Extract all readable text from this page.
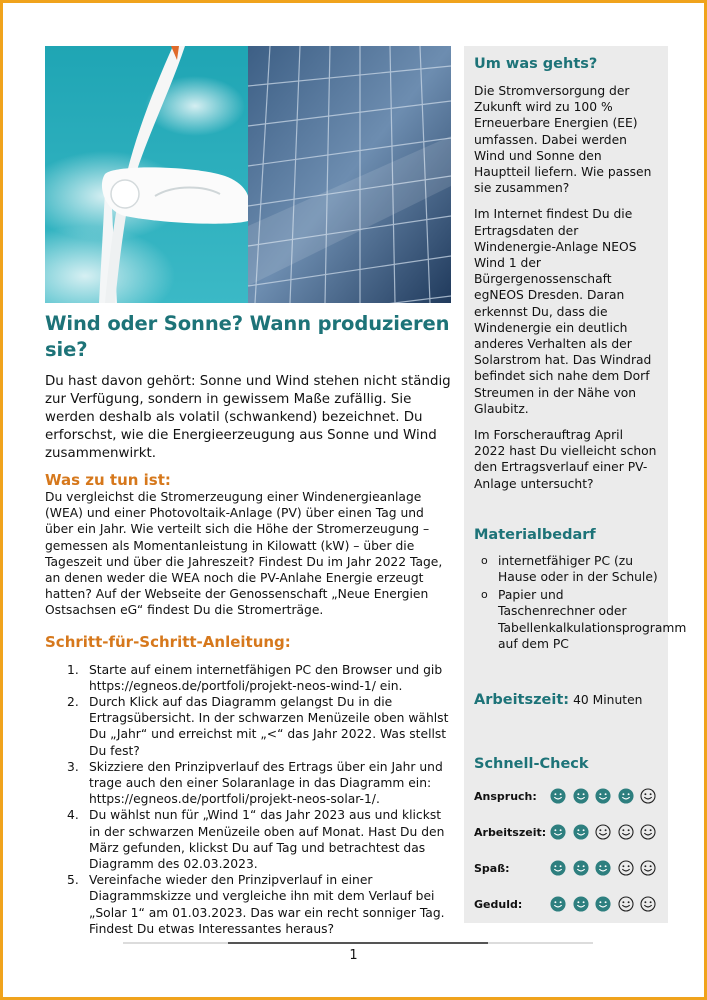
Wind oder Sonne? Wann produzieren sie?
Du hast davon gehört: Sonne und Wind stehen nicht ständig zur Verfügung, sondern in gewissem Maße zufällig. Sie werden deshalb als volatil (schwankend) bezeichnet. Du erforschst, wie die Energieerzeugung aus Sonne und Wind zusammenwirkt.
Was zu tun ist:
Du vergleichst die Stromerzeugung einer Windenergieanlage (WEA) und einer Photovoltaik-Anlage (PV) über einen Tag und über ein Jahr. Wie verteilt sich die Höhe der Stromerzeugung – gemessen als Momentanleistung in Kilowatt (kW) – über die Tageszeit und über die Jahreszeit? Findest Du im Jahr 2022 Tage, an denen weder die WEA noch die PV-Anlahe Energie erzeugt hatten? Auf der Webseite der Genossenschaft „Neue Energien Ostsachsen eG“ findest Du die Stromerträge.
Schritt-für-Schritt-Anleitung:
1. Starte auf einem internetfähigen PC den Browser und gib https://egneos.de/portfoli/projekt-neos-wind-1/ ein.
2. Durch Klick auf das Diagramm gelangst Du in die Ertragsübersicht. In der schwarzen Menüzeile oben wählst Du „Jahr“ und erreichst mit „<“ das Jahr 2022. Was stellst Du fest?
3. Skizziere den Prinzipverlauf des Ertrags über ein Jahr und trage auch den einer Solaranlage in das Diagramm ein: https://egneos.de/portfoli/projekt-neos-solar-1/.
4. Du wählst nun für „Wind 1“ das Jahr 2023 aus und klickst in der schwarzen Menüzeile oben auf Monat. Hast Du den März gefunden, klickst Du auf Tag und betrachtest das Diagramm des 02.03.2023.
5. Vereinfache wieder den Prinzipverlauf in einer Diagrammskizze und vergleiche ihn mit dem Verlauf bei „Solar 1“ am 01.03.2023. Das war ein recht sonniger Tag. Findest Du etwas Interessantes heraus?
Um was gehts?
Die Stromversorgung der Zukunft wird zu 100 % Erneuerbare Energien (EE) umfassen. Dabei werden Wind und Sonne den Hauptteil liefern. Wie passen sie zusammen?
Im Internet findest Du die Ertragsdaten der Windenergie-Anlage NEOS Wind 1 der Bürgergenossenschaft egNEOS Dresden. Daran erkennst Du, dass die Windenergie ein deutlich anderes Verhalten als der Solarstrom hat. Das Windrad befindet sich nahe dem Dorf Streumen in der Nähe von Glaubitz.
Im Forscherauftrag April 2022 hast Du vielleicht schon den Ertragsverlauf einer PV-Anlage untersucht?
Materialbedarf
o internetfähiger PC (zu Hause oder in der Schule)
o Papier und Taschenrechner oder Tabellenkalkulationsprogramm auf dem PC
Arbeitszeit: 40 Minuten
Schnell-Check
Anspruch:
Arbeitszeit:
Spaß:
Geduld:
1
